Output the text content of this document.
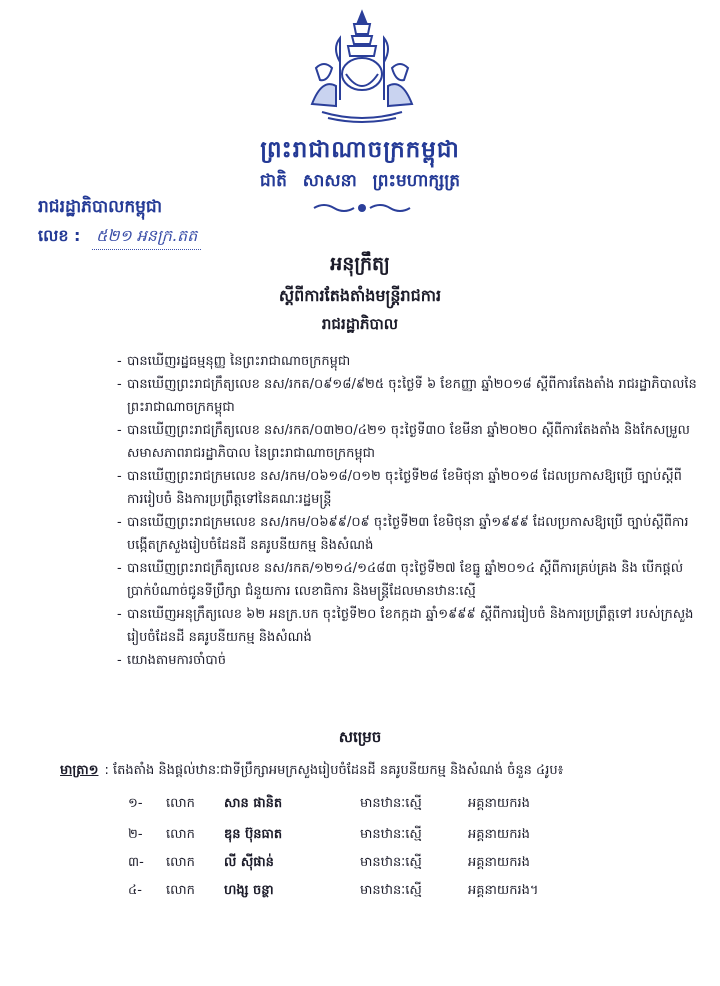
ព្រះរាជាណាចក្រកម្ពុជា
ជាតិ សាសនា ព្រះមហាក្សត្រ
រាជរដ្ឋាភិបាលកម្ពុជា
លេខ : ៥២១ អនក្រ.តត
អនុក្រឹត្យ
ស្តីពីការតែងតាំងមន្ត្រីរាជការ
រាជរដ្ឋាភិបាល
- បានឃើញរដ្ឋធម្មនុញ្ញ នៃព្រះរាជាណាចក្រកម្ពុជា
- បានឃើញព្រះរាជក្រឹត្យលេខ នស/រកត/០៩១៨/៩២៥ ចុះថ្ងៃទី ៦ ខែកញ្ញា ឆ្នាំ២០១៨ ស្តីពីការតែងតាំង រាជរដ្ឋាភិបាលនៃព្រះរាជាណាចក្រកម្ពុជា
- បានឃើញព្រះរាជក្រឹត្យលេខ នស/រកត/០៣២០/៤២១ ចុះថ្ងៃទី៣០ ខែមីនា ឆ្នាំ២០២០ ស្តីពីការតែងតាំង និងកែសម្រួលសមាសភាពរាជរដ្ឋាភិបាល នៃព្រះរាជាណាចក្រកម្ពុជា
- បានឃើញព្រះរាជក្រមលេខ នស/រកម/០៦១៨/០១២ ចុះថ្ងៃទី២៨ ខែមិថុនា ឆ្នាំ២០១៨ ដែលប្រកាសឱ្យប្រើ ច្បាប់ស្តីពីការរៀបចំ និងការប្រព្រឹត្តទៅនៃគណៈរដ្ឋមន្ត្រី
- បានឃើញព្រះរាជក្រមលេខ នស/រកម/០៦៩៩/០៩ ចុះថ្ងៃទី២៣ ខែមិថុនា ឆ្នាំ១៩៩៩ ដែលប្រកាសឱ្យប្រើ ច្បាប់ស្តីពីការបង្កើតក្រសួងរៀបចំដែនដី នគរូបនីយកម្ម និងសំណង់
- បានឃើញព្រះរាជក្រឹត្យលេខ នស/រកត/១២១៤/១៤៨៣ ចុះថ្ងៃទី២៧ ខែធ្នូ ឆ្នាំ២០១៤ ស្តីពីការគ្រប់គ្រង និង បើកផ្តល់ប្រាក់បំណាច់ជូនទីប្រឹក្សា ជំនួយការ លេខាធិការ និងមន្ត្រីដែលមានឋានៈស្មើ
- បានឃើញអនុក្រឹត្យលេខ ៦២ អនក្រ.បក ចុះថ្ងៃទី២០ ខែកក្កដា ឆ្នាំ១៩៩៩ ស្តីពីការរៀបចំ និងការប្រព្រឹត្តទៅ របស់ក្រសួងរៀបចំដែនដី នគរូបនីយកម្ម និងសំណង់
- យោងតាមការចាំបាច់
សម្រេច
មាត្រា១ : តែងតាំង និងផ្តល់ឋានៈជាទីប្រឹក្សាអមក្រសួងរៀបចំដែនដី នគរូបនីយកម្ម និងសំណង់ ចំនួន ៤រូប៖
១- លោក សាន ផានិត	មានឋានៈស្មើ	អគ្គនាយករង
២- លោក ឌុន ប៊ុនធាត	មានឋានៈស្មើ	អគ្គនាយករង
៣- លោក លី ស៊ីផាន់	មានឋានៈស្មើ	អគ្គនាយករង
៤- លោក ហង្ស ចន្ថា	មានឋានៈស្មើ	អគ្គនាយករង។
